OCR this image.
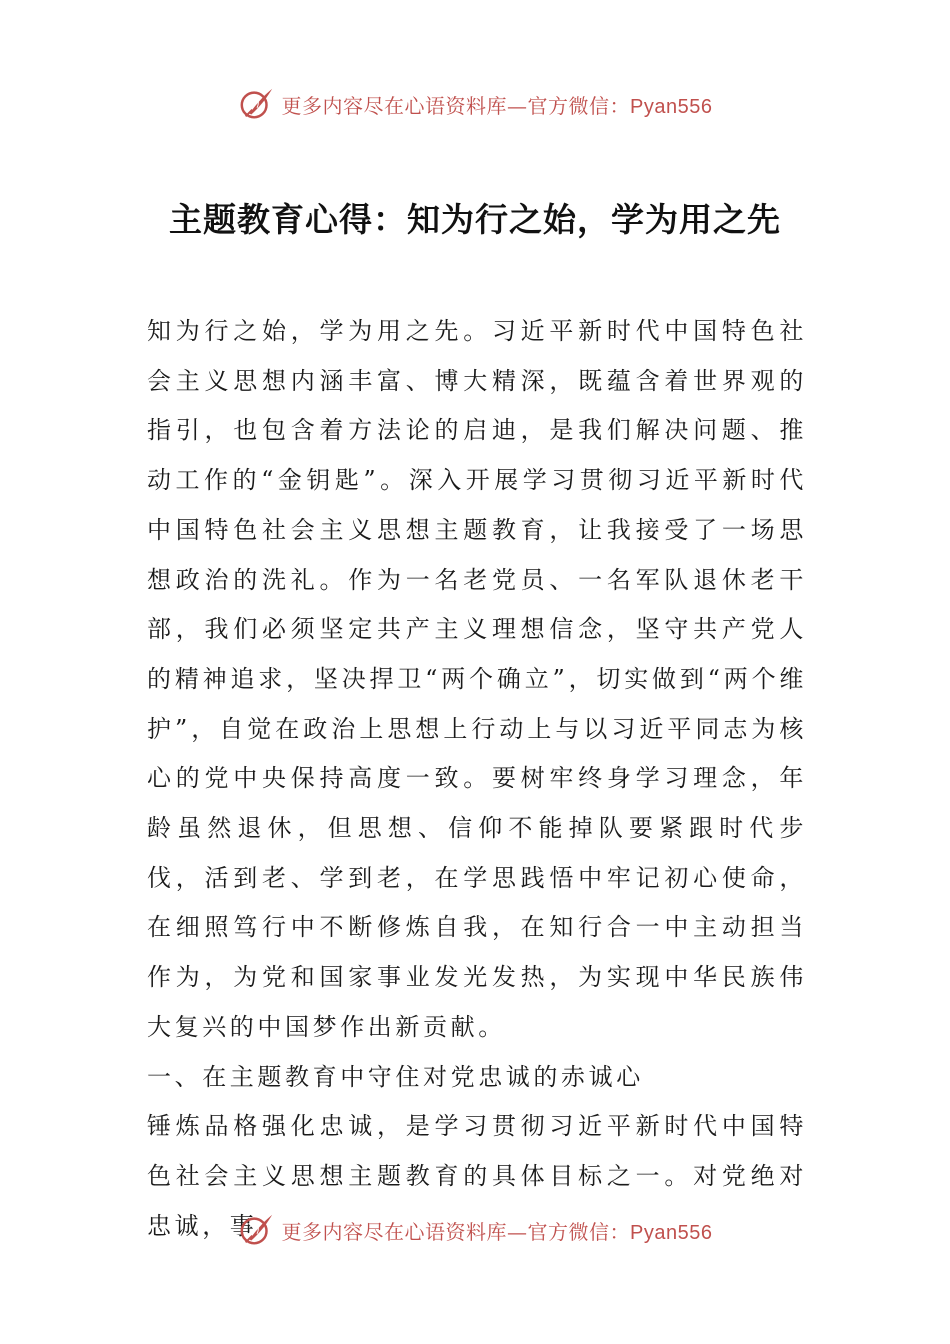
更多内容尽在心语资料库—官方微信：Pyan556
主题教育心得：知为行之始，学为用之先

知为行之始，学为用之先。习近平新时代中国特色社会主义思想内涵丰富、博大精深，既蕴含着世界观的指引，也包含着方法论的启迪，是我们解决问题、推动工作的“金钥匙”。深入开展学习贯彻习近平新时代中国特色社会主义思想主题教育，让我接受了一场思想政治的洗礼。作为一名老党员、一名军队退休老干部，我们必须坚定共产主义理想信念，坚守共产党人的精神追求，坚决捍卫“两个确立”，切实做到“两个维护”，自觉在政治上思想上行动上与以习近平同志为核心的党中央保持高度一致。要树牢终身学习理念，年龄虽然退休，但思想、信仰不能掉队要紧跟时代步伐，活到老、学到老，在学思践悟中牢记初心使命，在细照笃行中不断修炼自我，在知行合一中主动担当作为，为党和国家事业发光发热，为实现中华民族伟大复兴的中国梦作出新贡献。

一、在主题教育中守住对党忠诚的赤诚心

锤炼品格强化忠诚，是学习贯彻习近平新时代中国特色社会主义思想主题教育的具体目标之一。对党绝对忠诚，事	更多内容尽在心语资料库—官方微信：Pyan556
